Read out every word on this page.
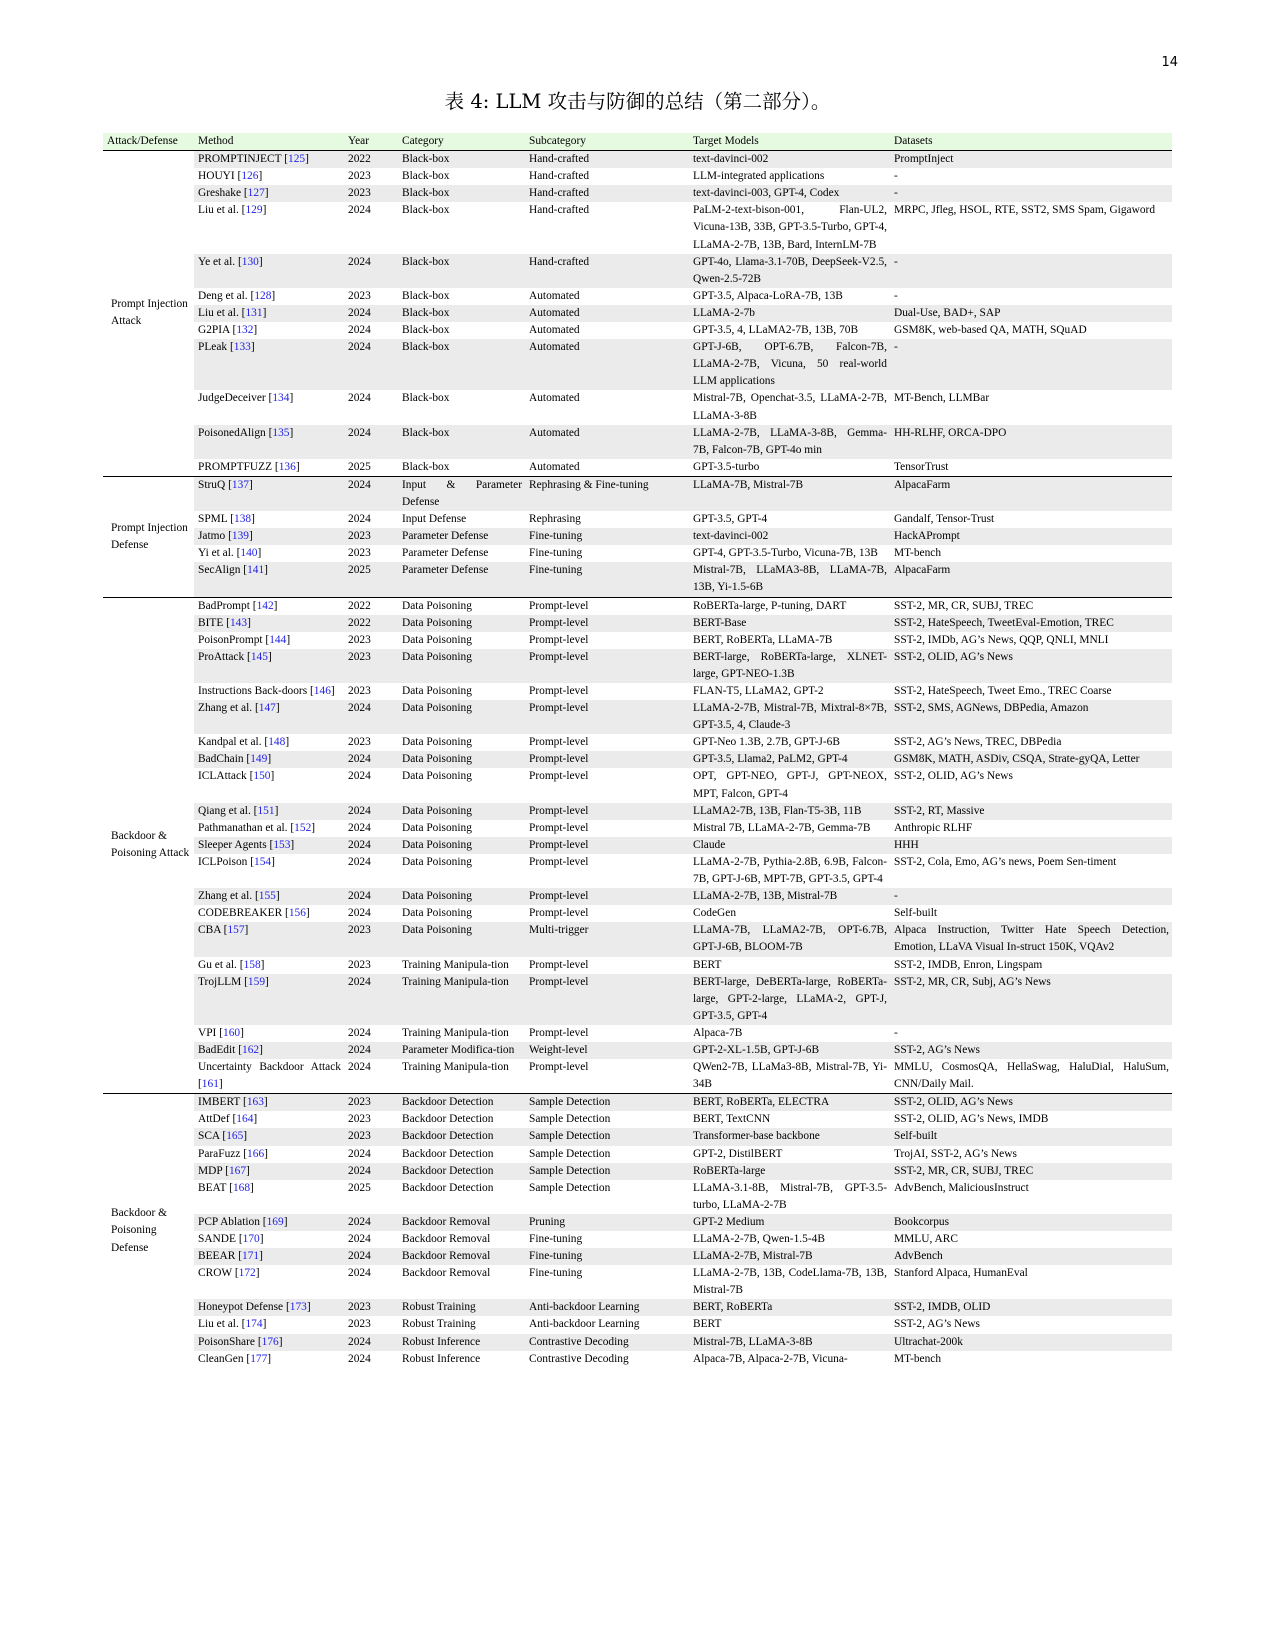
14
表 4: LLM 攻击与防御的总结（第二部分）。
Attack/Defense	Method	Year	Category	Subcategory	Target Models	Datasets
Prompt Injection Attack	PROMPTINJECT [125]	2022	Black-box	Hand-crafted	text-davinci-002	PromptInject
	HOUYI [126]	2023	Black-box	Hand-crafted	LLM-integrated applications	-
	Greshake [127]	2023	Black-box	Hand-crafted	text-davinci-003, GPT-4, Codex	-
	Liu et al. [129]	2024	Black-box	Hand-crafted	PaLM-2-text-bison-001, Flan-UL2, Vicuna-13B, 33B, GPT-3.5-Turbo, GPT-4, LLaMA-2-7B, 13B, Bard, InternLM-7B	MRPC, Jfleg, HSOL, RTE, SST2, SMS Spam, Gigaword
	Ye et al. [130]	2024	Black-box	Hand-crafted	GPT-4o, Llama-3.1-70B, DeepSeek-V2.5, Qwen-2.5-72B	-
	Deng et al. [128]	2023	Black-box	Automated	GPT-3.5, Alpaca-LoRA-7B, 13B	-
	Liu et al. [131]	2024	Black-box	Automated	LLaMA-2-7b	Dual-Use, BAD+, SAP
	G2PIA [132]	2024	Black-box	Automated	GPT-3.5, 4, LLaMA2-7B, 13B, 70B	GSM8K, web-based QA, MATH, SQuAD
	PLeak [133]	2024	Black-box	Automated	GPT-J-6B, OPT-6.7B, Falcon-7B, LLaMA-2-7B, Vicuna, 50 real-world LLM applications	-
	JudgeDeceiver [134]	2024	Black-box	Automated	Mistral-7B, Openchat-3.5, LLaMA-2-7B, LLaMA-3-8B	MT-Bench, LLMBar
	PoisonedAlign [135]	2024	Black-box	Automated	LLaMA-2-7B, LLaMA-3-8B, Gemma-7B, Falcon-7B, GPT-4o min	HH-RLHF, ORCA-DPO
	PROMPTFUZZ [136]	2025	Black-box	Automated	GPT-3.5-turbo	TensorTrust
Prompt Injection Defense	StruQ [137]	2024	Input & Parameter Defense	Rephrasing & Fine-tuning	LLaMA-7B, Mistral-7B	AlpacaFarm
	SPML [138]	2024	Input Defense	Rephrasing	GPT-3.5, GPT-4	Gandalf, Tensor-Trust
	Jatmo [139]	2023	Parameter Defense	Fine-tuning	text-davinci-002	HackAPrompt
	Yi et al. [140]	2023	Parameter Defense	Fine-tuning	GPT-4, GPT-3.5-Turbo, Vicuna-7B, 13B	MT-bench
	SecAlign [141]	2025	Parameter Defense	Fine-tuning	Mistral-7B, LLaMA3-8B, LLaMA-7B, 13B, Yi-1.5-6B	AlpacaFarm
Backdoor & Poisoning Attack	BadPrompt [142]	2022	Data Poisoning	Prompt-level	RoBERTa-large, P-tuning, DART	SST-2, MR, CR, SUBJ, TREC
	BITE [143]	2022	Data Poisoning	Prompt-level	BERT-Base	SST-2, HateSpeech, TweetEval-Emotion, TREC
	PoisonPrompt [144]	2023	Data Poisoning	Prompt-level	BERT, RoBERTa, LLaMA-7B	SST-2, IMDb, AG’s News, QQP, QNLI, MNLI
	ProAttack [145]	2023	Data Poisoning	Prompt-level	BERT-large, RoBERTa-large, XLNET-large, GPT-NEO-1.3B	SST-2, OLID, AG’s News
	Instructions Back-doors [146]	2023	Data Poisoning	Prompt-level	FLAN-T5, LLaMA2, GPT-2	SST-2, HateSpeech, Tweet Emo., TREC Coarse
	Zhang et al. [147]	2024	Data Poisoning	Prompt-level	LLaMA-2-7B, Mistral-7B, Mixtral-8×7B, GPT-3.5, 4, Claude-3	SST-2, SMS, AGNews, DBPedia, Amazon
	Kandpal et al. [148]	2023	Data Poisoning	Prompt-level	GPT-Neo 1.3B, 2.7B, GPT-J-6B	SST-2, AG’s News, TREC, DBPedia
	BadChain [149]	2024	Data Poisoning	Prompt-level	GPT-3.5, Llama2, PaLM2, GPT-4	GSM8K, MATH, ASDiv, CSQA, Strate-gyQA, Letter
	ICLAttack [150]	2024	Data Poisoning	Prompt-level	OPT, GPT-NEO, GPT-J, GPT-NEOX, MPT, Falcon, GPT-4	SST-2, OLID, AG’s News
	Qiang et al. [151]	2024	Data Poisoning	Prompt-level	LLaMA2-7B, 13B, Flan-T5-3B, 11B	SST-2, RT, Massive
	Pathmanathan et al. [152]	2024	Data Poisoning	Prompt-level	Mistral 7B, LLaMA-2-7B, Gemma-7B	Anthropic RLHF
	Sleeper Agents [153]	2024	Data Poisoning	Prompt-level	Claude	HHH
	ICLPoison [154]	2024	Data Poisoning	Prompt-level	LLaMA-2-7B, Pythia-2.8B, 6.9B, Falcon-7B, GPT-J-6B, MPT-7B, GPT-3.5, GPT-4	SST-2, Cola, Emo, AG’s news, Poem Sen-timent
	Zhang et al. [155]	2024	Data Poisoning	Prompt-level	LLaMA-2-7B, 13B, Mistral-7B	-
	CODEBREAKER [156]	2024	Data Poisoning	Prompt-level	CodeGen	Self-built
	CBA [157]	2023	Data Poisoning	Multi-trigger	LLaMA-7B, LLaMA2-7B, OPT-6.7B, GPT-J-6B, BLOOM-7B	Alpaca Instruction, Twitter Hate Speech Detection, Emotion, LLaVA Visual In-struct 150K, VQAv2
	Gu et al. [158]	2023	Training Manipula-tion	Prompt-level	BERT	SST-2, IMDB, Enron, Lingspam
	TrojLLM [159]	2024	Training Manipula-tion	Prompt-level	BERT-large, DeBERTa-large, RoBERTa-large, GPT-2-large, LLaMA-2, GPT-J, GPT-3.5, GPT-4	SST-2, MR, CR, Subj, AG’s News
	VPI [160]	2024	Training Manipula-tion	Prompt-level	Alpaca-7B	-
	BadEdit [162]	2024	Parameter Modifica-tion	Weight-level	GPT-2-XL-1.5B, GPT-J-6B	SST-2, AG’s News
	Uncertainty Backdoor Attack [161]	2024	Training Manipula-tion	Prompt-level	QWen2-7B, LLaMa3-8B, Mistral-7B, Yi-34B	MMLU, CosmosQA, HellaSwag, HaluDial, HaluSum, CNN/Daily Mail.
Backdoor & Poisoning Defense	IMBERT [163]	2023	Backdoor Detection	Sample Detection	BERT, RoBERTa, ELECTRA	SST-2, OLID, AG’s News
	AttDef [164]	2023	Backdoor Detection	Sample Detection	BERT, TextCNN	SST-2, OLID, AG’s News, IMDB
	SCA [165]	2023	Backdoor Detection	Sample Detection	Transformer-base backbone	Self-built
	ParaFuzz [166]	2024	Backdoor Detection	Sample Detection	GPT-2, DistilBERT	TrojAI, SST-2, AG’s News
	MDP [167]	2024	Backdoor Detection	Sample Detection	RoBERTa-large	SST-2, MR, CR, SUBJ, TREC
	BEAT [168]	2025	Backdoor Detection	Sample Detection	LLaMA-3.1-8B, Mistral-7B, GPT-3.5-turbo, LLaMA-2-7B	AdvBench, MaliciousInstruct
	PCP Ablation [169]	2024	Backdoor Removal	Pruning	GPT-2 Medium	Bookcorpus
	SANDE [170]	2024	Backdoor Removal	Fine-tuning	LLaMA-2-7B, Qwen-1.5-4B	MMLU, ARC
	BEEAR [171]	2024	Backdoor Removal	Fine-tuning	LLaMA-2-7B, Mistral-7B	AdvBench
	CROW [172]	2024	Backdoor Removal	Fine-tuning	LLaMA-2-7B, 13B, CodeLlama-7B, 13B, Mistral-7B	Stanford Alpaca, HumanEval
	Honeypot Defense [173]	2023	Robust Training	Anti-backdoor Learning	BERT, RoBERTa	SST-2, IMDB, OLID
	Liu et al. [174]	2023	Robust Training	Anti-backdoor Learning	BERT	SST-2, AG’s News
	PoisonShare [176]	2024	Robust Inference	Contrastive Decoding	Mistral-7B, LLaMA-3-8B	Ultrachat-200k
	CleanGen [177]	2024	Robust Inference	Contrastive Decoding	Alpaca-7B, Alpaca-2-7B, Vicuna-	MT-bench
